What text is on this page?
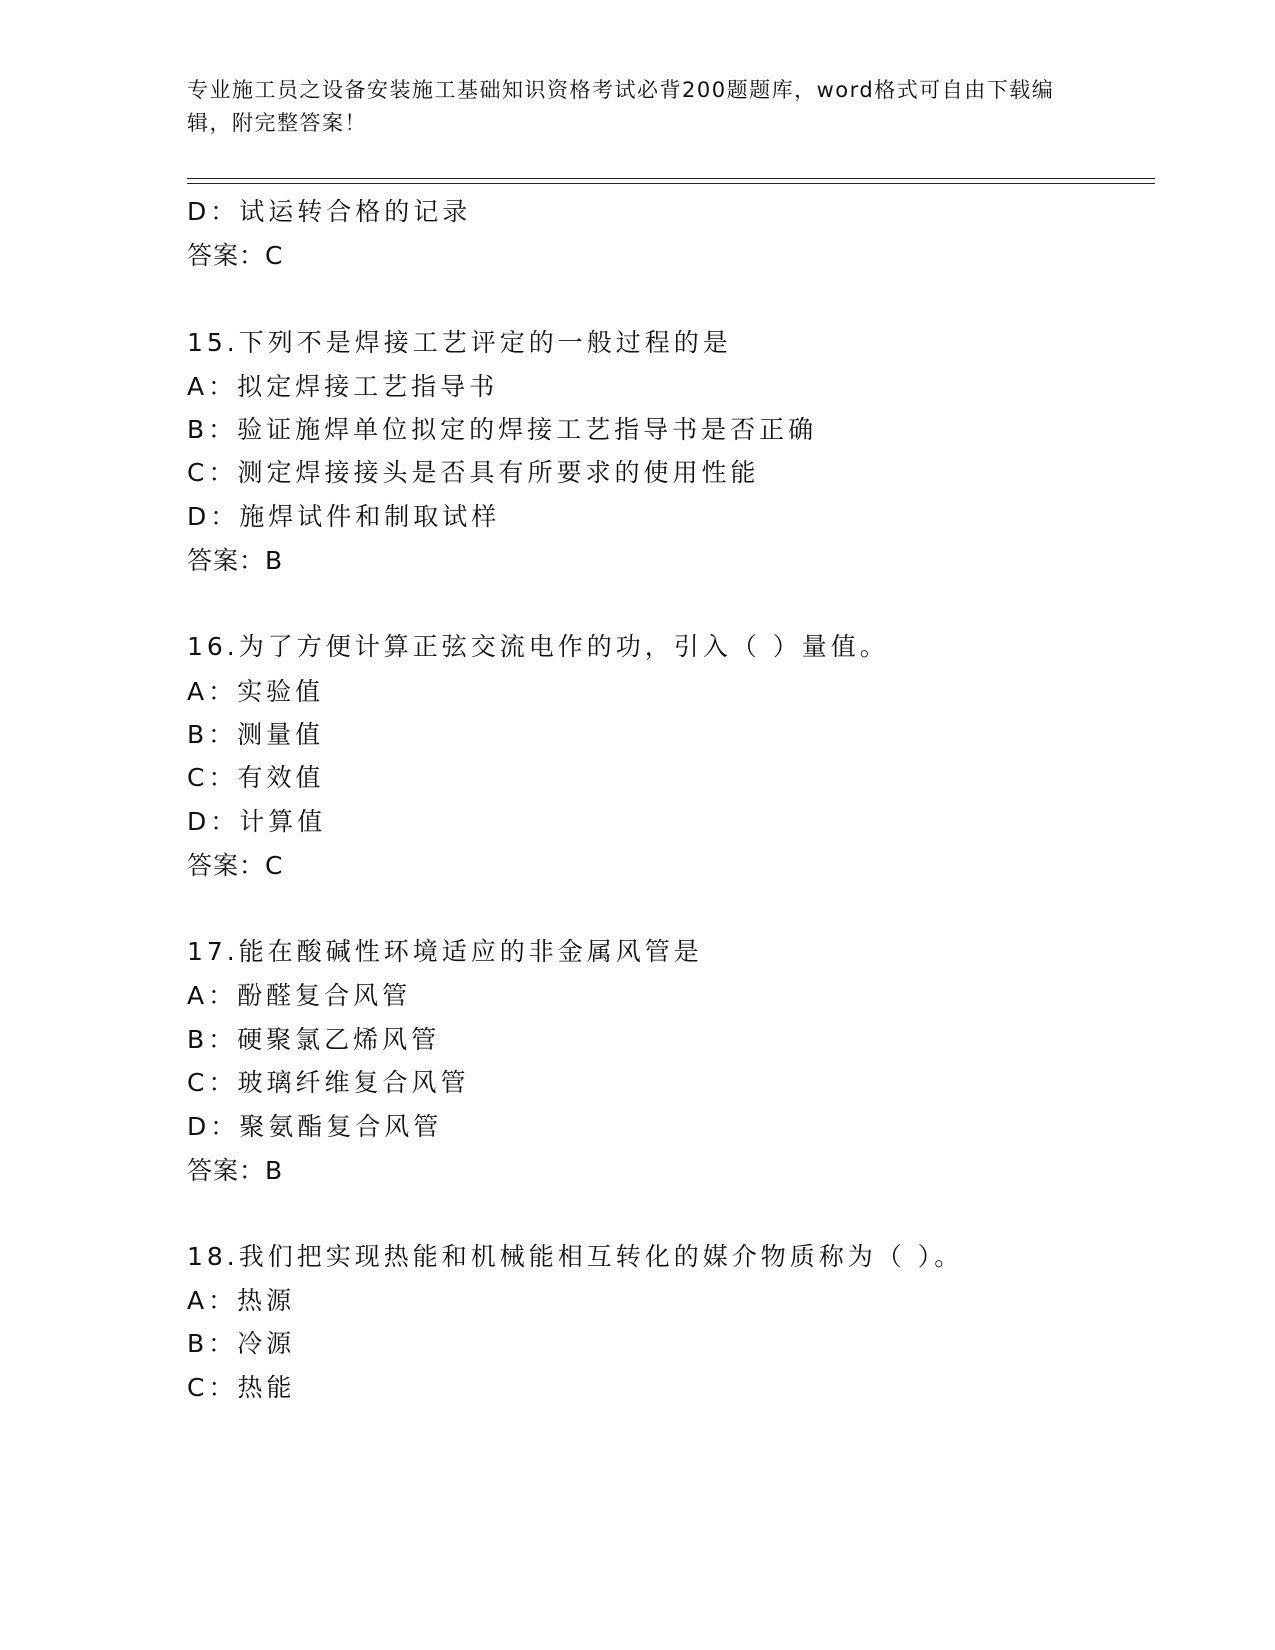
专业施工员之设备安装施工基础知识资格考试必背200题题库，word格式可自由下载编辑，附完整答案！
D：试运转合格的记录
答案：C
15.下列不是焊接工艺评定的一般过程的是
A：拟定焊接工艺指导书
B：验证施焊单位拟定的焊接工艺指导书是否正确
C：测定焊接接头是否具有所要求的使用性能
D：施焊试件和制取试样
答案：B
16.为了方便计算正弦交流电作的功，引入（ ）量值。
A：实验值
B：测量值
C：有效值
D：计算值
答案：C
17.能在酸碱性环境适应的非金属风管是
A：酚醛复合风管
B：硬聚氯乙烯风管
C：玻璃纤维复合风管
D：聚氨酯复合风管
答案：B
18.我们把实现热能和机械能相互转化的媒介物质称为（ ）。
A：热源
B：冷源
C：热能
